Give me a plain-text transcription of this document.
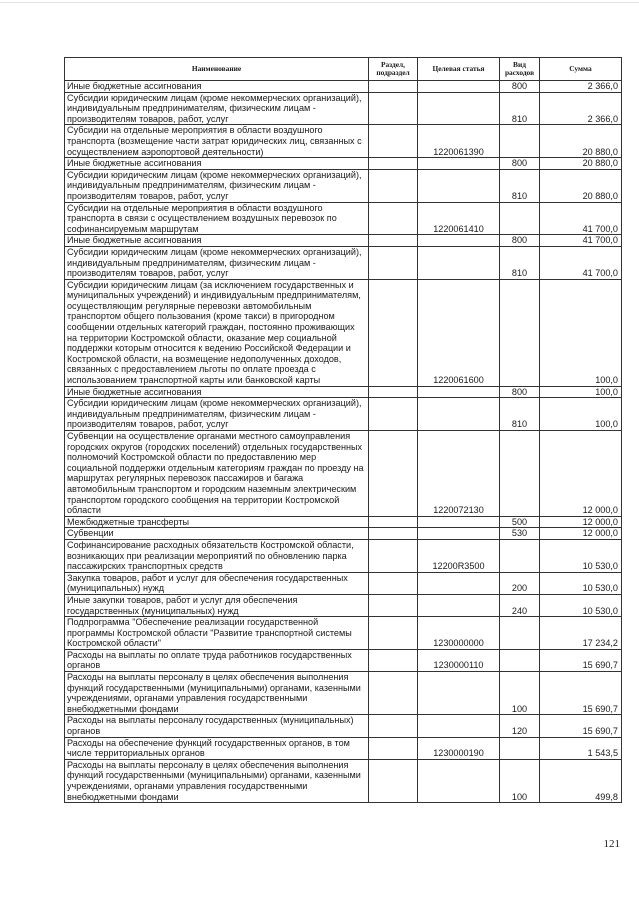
Наименование	Раздел, подраздел	Целевая статья	Вид расходов	Сумма
Иные бюджетные ассигнования			800	2 366,0
Субсидии юридическим лицам (кроме некоммерческих организаций), индивидуальным предпринимателям, физическим лицам - производителям товаров, работ, услуг			810	2 366,0
Субсидии на отдельные мероприятия в области воздушного транспорта (возмещение части затрат юридических лиц, связанных с осуществлением аэропортовой деятельности)		1220061390		20 880,0
Иные бюджетные ассигнования			800	20 880,0
Субсидии юридическим лицам (кроме некоммерческих организаций), индивидуальным предпринимателям, физическим лицам - производителям товаров, работ, услуг			810	20 880,0
Субсидии на отдельные мероприятия в области воздушного транспорта в связи с осуществлением воздушных перевозок по софинансируемым маршрутам		1220061410		41 700,0
Иные бюджетные ассигнования			800	41 700,0
Субсидии юридическим лицам (кроме некоммерческих организаций), индивидуальным предпринимателям, физическим лицам - производителям товаров, работ, услуг			810	41 700,0
Субсидии юридическим лицам (за исключением государственных и муниципальных учреждений) и индивидуальным предпринимателям, осуществляющим регулярные перевозки автомобильным транспортом общего пользования (кроме такси) в пригородном сообщении отдельных категорий граждан, постоянно проживающих на территории Костромской области, оказание мер социальной поддержки которым относится к ведению Российской Федерации и Костромской области, на возмещение недополученных доходов, связанных с предоставлением льготы по оплате проезда с использованием транспортной карты или банковской карты		1220061600		100,0
Иные бюджетные ассигнования			800	100,0
Субсидии юридическим лицам (кроме некоммерческих организаций), индивидуальным предпринимателям, физическим лицам - производителям товаров, работ, услуг			810	100,0
Субвенции на осуществление органами местного самоуправления городских округов (городских поселений) отдельных государственных полномочий Костромской области по предоставлению мер социальной поддержки отдельным категориям граждан по проезду на маршрутах регулярных перевозок пассажиров и багажа автомобильным транспортом и городским наземным электрическим транспортом городского сообщения на территории Костромской области		1220072130		12 000,0
Межбюджетные трансферты			500	12 000,0
Субвенции			530	12 000,0
Софинансирование расходных обязательств Костромской области, возникающих при реализации мероприятий по обновлению парка пассажирских транспортных средств		12200R3500		10 530,0
Закупка товаров, работ и услуг для обеспечения государственных (муниципальных) нужд			200	10 530,0
Иные закупки товаров, работ и услуг для обеспечения государственных (муниципальных) нужд			240	10 530,0
Подпрограмма "Обеспечение реализации государственной программы Костромской области "Развитие транспортной системы Костромской области"		1230000000		17 234,2
Расходы на выплаты по оплате труда работников государственных органов		1230000110		15 690,7
Расходы на выплаты персоналу в целях обеспечения выполнения функций государственными (муниципальными) органами, казенными учреждениями, органами управления государственными внебюджетными фондами			100	15 690,7
Расходы на выплаты персоналу государственных (муниципальных) органов			120	15 690,7
Расходы на обеспечение функций государственных органов, в том числе территориальных органов		1230000190		1 543,5
Расходы на выплаты персоналу в целях обеспечения выполнения функций государственными (муниципальными) органами, казенными учреждениями, органами управления государственными внебюджетными фондами			100	499,8
121
